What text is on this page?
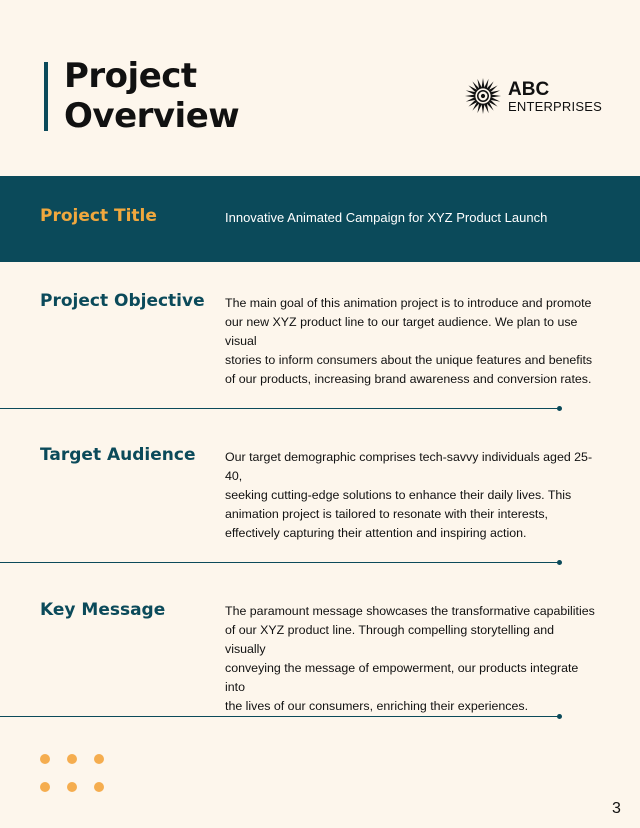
Project
Overview
ABC
ENTERPRISES
Project Title	Innovative Animated Campaign for XYZ Product Launch
Project Objective The main goal of this animation project is to introduce and promote
our new XYZ product line to our target audience. We plan to use visual
stories to inform consumers about the unique features and benefits
of our products, increasing brand awareness and conversion rates.
Target Audience Our target demographic comprises tech-savvy individuals aged 25-40,
seeking cutting-edge solutions to enhance their daily lives. This
animation project is tailored to resonate with their interests,
effectively capturing their attention and inspiring action.
Key Message	The paramount message showcases the transformative capabilities
of our XYZ product line. Through compelling storytelling and visually
conveying the message of empowerment, our products integrate into
the lives of our consumers, enriching their experiences.
3
